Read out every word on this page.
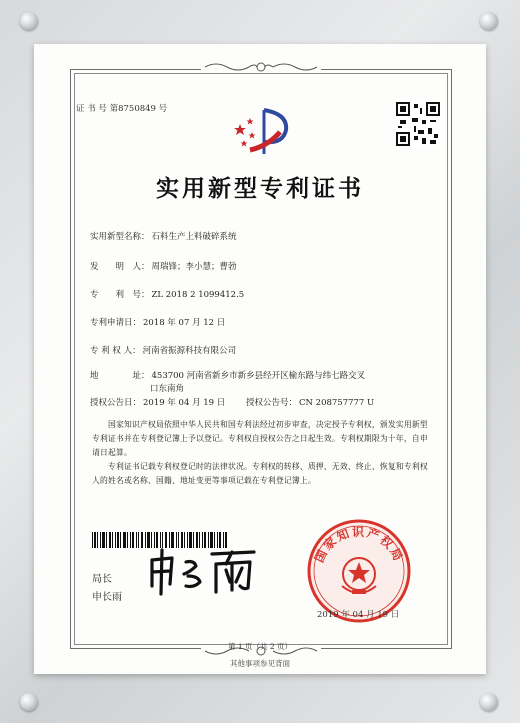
证 书 号 第8750849 号
实用新型专利证书
实用新型名称： 石料生产上料破碎系统
发　　明　人： 周瑞锋；李小慧；曹勃
专　　利　号： ZL 2018 2 1099412.5
专利申请日： 2018 年 07 月 12 日
专 利 权 人： 河南省振源科技有限公司
地　　　　址： 453700 河南省新乡市新乡县经开区榆东路与纬七路交叉
口东南角
授权公告日： 2019 年 04 月 19 日 授权公告号： CN 208757777 U
国家知识产权局依照中华人民共和国专利法经过初步审查，决定授予专利权，颁发实用新型专利证书并在专利登记簿上予以登记。专利权自授权公告之日起生效。专利权期限为十年，自申请日起算。
专利证书记载专利权登记时的法律状况。专利权的转移、质押、无效、终止、恢复和专利权人的姓名或名称、国籍、地址变更等事项记载在专利登记簿上。
局长
申长雨
国家知识产权局
2019 年 04 月 19 日
第 1 页（共 2 页）
其他事项参见背面
